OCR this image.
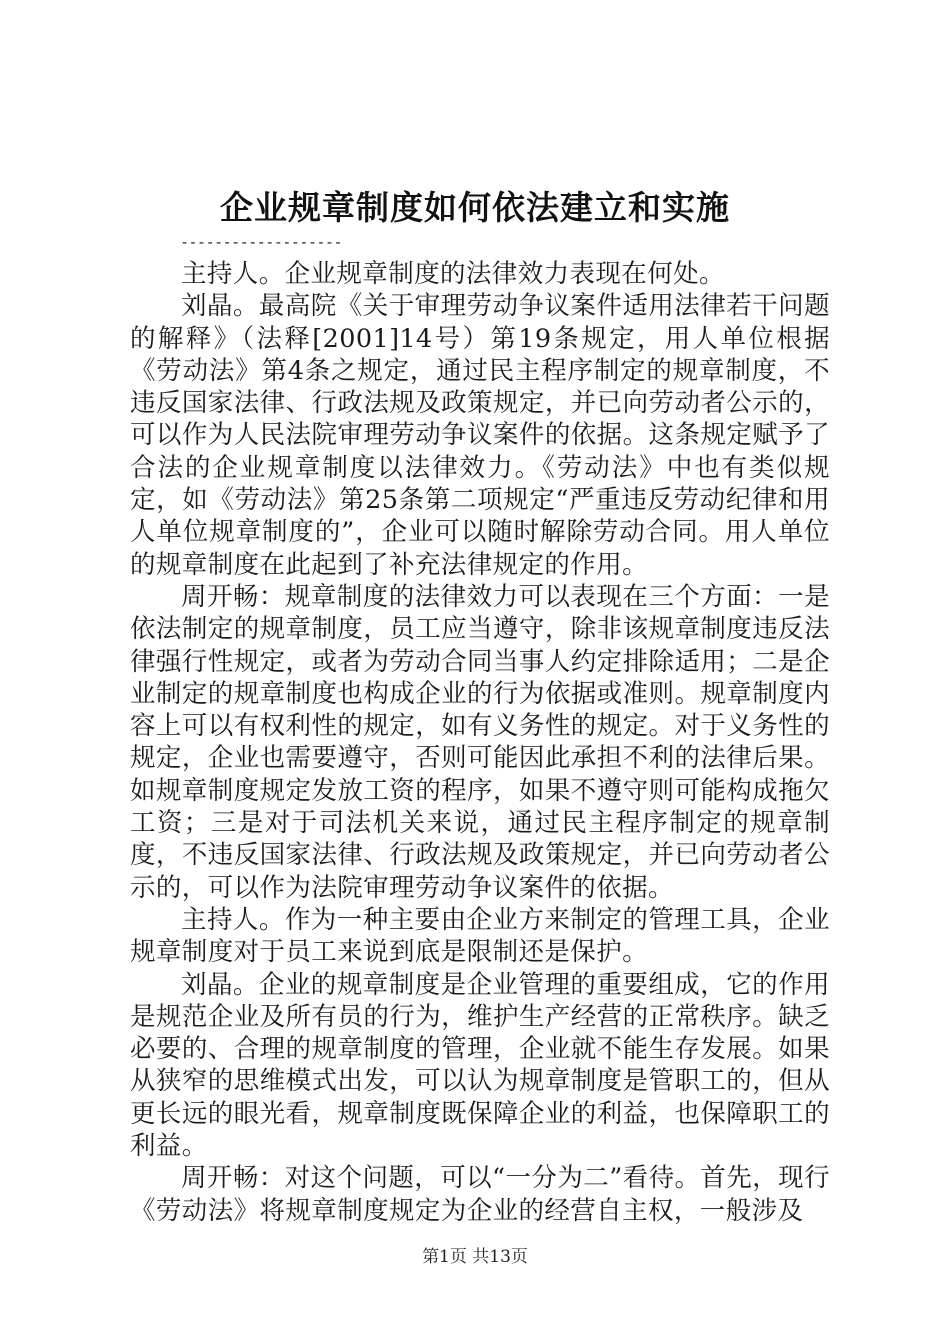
企业规章制度如何依法建立和实施
-------------------

主持人。企业规章制度的法律效力表现在何处。

刘晶。最高院《关于审理劳动争议案件适用法律若干问题的解释》（法释[2001]14号）第19条规定，用人单位根据《劳动法》第4条之规定，通过民主程序制定的规章制度，不违反国家法律、行政法规及政策规定，并已向劳动者公示的，可以作为人民法院审理劳动争议案件的依据。这条规定赋予了合法的企业规章制度以法律效力。《劳动法》中也有类似规定，如《劳动法》第25条第二项规定“严重违反劳动纪律和用人单位规章制度的”，企业可以随时解除劳动合同。用人单位的规章制度在此起到了补充法律规定的作用。

周开畅：规章制度的法律效力可以表现在三个方面：一是依法制定的规章制度，员工应当遵守，除非该规章制度违反法律强行性规定，或者为劳动合同当事人约定排除适用；二是企业制定的规章制度也构成企业的行为依据或准则。规章制度内容上可以有权利性的规定，如有义务性的规定。对于义务性的规定，企业也需要遵守，否则可能因此承担不利的法律后果。如规章制度规定发放工资的程序，如果不遵守则可能构成拖欠工资；三是对于司法机关来说，通过民主程序制定的规章制度，不违反国家法律、行政法规及政策规定，并已向劳动者公示的，可以作为法院审理劳动争议案件的依据。

主持人。作为一种主要由企业方来制定的管理工具，企业规章制度对于员工来说到底是限制还是保护。

刘晶。企业的规章制度是企业管理的重要组成，它的作用是规范企业及所有员的行为，维护生产经营的正常秩序。缺乏必要的、合理的规章制度的管理，企业就不能生存发展。如果从狭窄的思维模式出发，可以认为规章制度是管职工的，但从更长远的眼光看，规章制度既保障企业的利益，也保障职工的利益。

周开畅：对这个问题，可以“一分为二”看待。首先，现行《劳动法》将规章制度规定为企业的经营自主权，一般涉及

第1页 共13页
